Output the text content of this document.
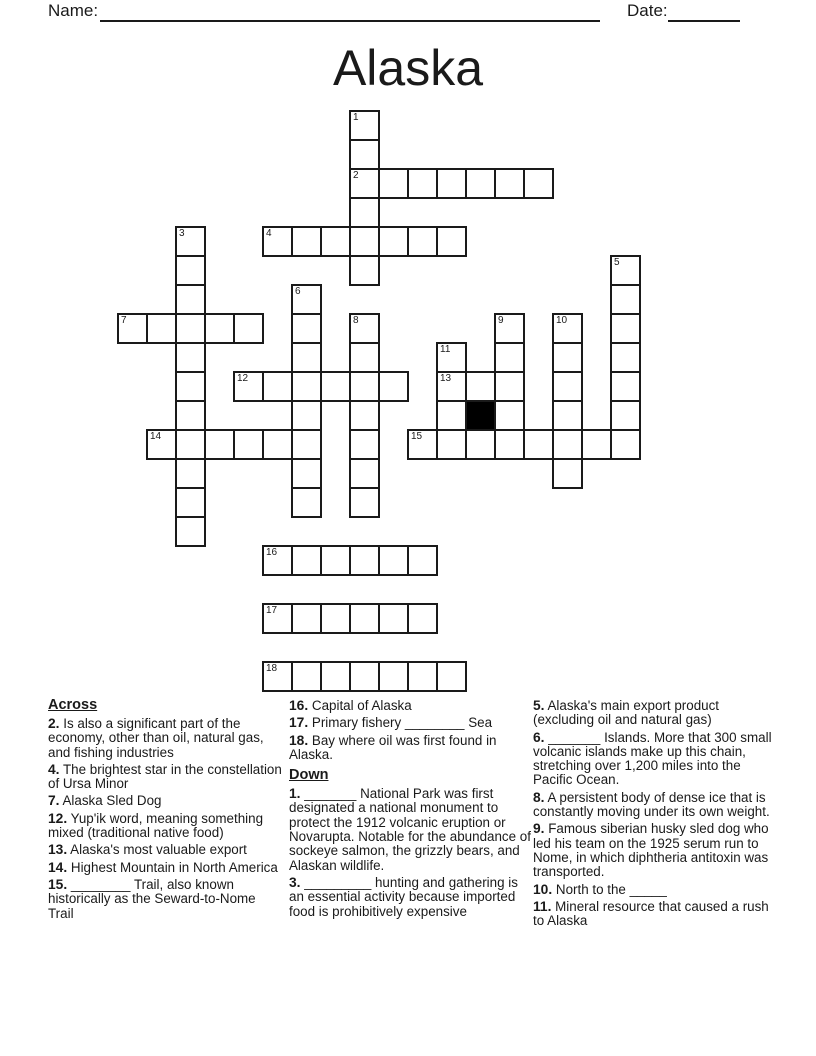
Name:	Date:
Alaska
1
2
3	4
5
6
7	8	9	10
11
13
12
14	15
16
17
18
Across

2. Is also a significant part of the economy, other than oil, natural gas, and fishing industries

4. The brightest star in the constellation of Ursa Minor

7. Alaska Sled Dog

12. Yup'ik word, meaning something mixed (traditional native food)

13. Alaska's most valuable export

14. Highest Mountain in North America

15. ________ Trail, also known historically as the Seward-to-Nome Trail

16. Capital of Alaska

17. Primary fishery ________ Sea

18. Bay where oil was first found in Alaska.

Down

1. _______ National Park was first designated a national monument to protect the 1912 volcanic eruption or Novarupta. Notable for the abundance of sockeye salmon, the grizzly bears, and Alaskan wildlife.

3. _________ hunting and gathering is an essential activity because imported food is prohibitively expensive

5. Alaska's main export product (excluding oil and natural gas)

6. _______ Islands. More that 300 small volcanic islands make up this chain, stretching over 1,200 miles into the Pacific Ocean.

8. A persistent body of dense ice that is constantly moving under its own weight.

9. Famous siberian husky sled dog who led his team on the 1925 serum run to Nome, in which diphtheria antitoxin was transported.

10. North to the _____

11. Mineral resource that caused a rush to Alaska
